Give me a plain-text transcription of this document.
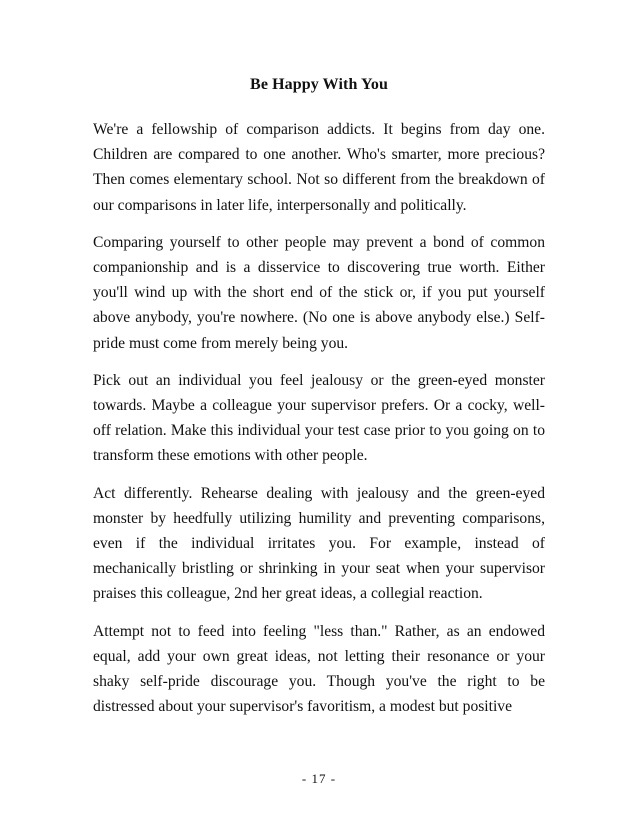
Be Happy With You

We're a fellowship of comparison addicts. It begins from day one. Children are compared to one another. Who's smarter, more precious? Then comes elementary school. Not so different from the breakdown of our comparisons in later life, interpersonally and politically.

Comparing yourself to other people may prevent a bond of common companionship and is a disservice to discovering true worth. Either you'll wind up with the short end of the stick or, if you put yourself above anybody, you're nowhere. (No one is above anybody else.) Self-pride must come from merely being you.

Pick out an individual you feel jealousy or the green-eyed monster towards. Maybe a colleague your supervisor prefers. Or a cocky, well-off relation. Make this individual your test case prior to you going on to transform these emotions with other people.

Act differently. Rehearse dealing with jealousy and the green-eyed monster by heedfully utilizing humility and preventing comparisons, even if the individual irritates you. For example, instead of mechanically bristling or shrinking in your seat when your supervisor praises this colleague, 2nd her great ideas, a collegial reaction.

Attempt not to feed into feeling "less than." Rather, as an endowed equal, add your own great ideas, not letting their resonance or your shaky self-pride discourage you. Though you've the right to be distressed about your supervisor's favoritism, a modest but positive

- 17 -
